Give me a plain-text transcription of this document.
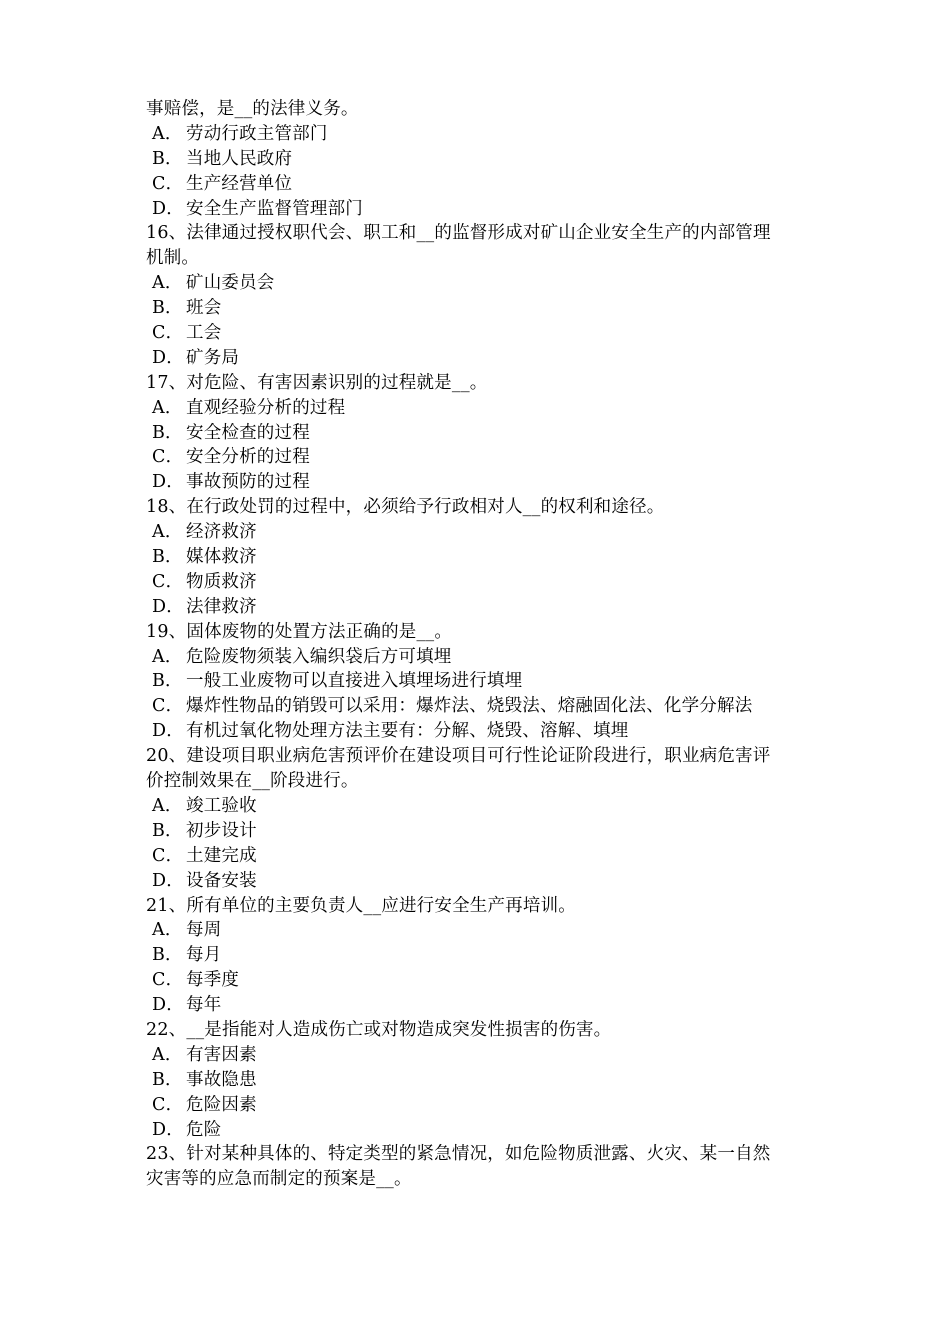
事赔偿，是__的法律义务。
A． 劳动行政主管部门
B． 当地人民政府
C． 生产经营单位
D． 安全生产监督管理部门
16、法律通过授权职代会、职工和__的监督形成对矿山企业安全生产的内部管理
机制。
A． 矿山委员会
B． 班会
C． 工会
D． 矿务局
17、对危险、有害因素识别的过程就是__。
A． 直观经验分析的过程
B． 安全检查的过程
C． 安全分析的过程
D． 事故预防的过程
18、在行政处罚的过程中，必须给予行政相对人__的权利和途径。
A． 经济救济
B． 媒体救济
C． 物质救济
D． 法律救济
19、固体废物的处置方法正确的是__。
A． 危险废物须装入编织袋后方可填埋
B． 一般工业废物可以直接进入填埋场进行填埋
C． 爆炸性物品的销毁可以采用：爆炸法、烧毁法、熔融固化法、化学分解法
D． 有机过氧化物处理方法主要有：分解、烧毁、溶解、填埋
20、建设项目职业病危害预评价在建设项目可行性论证阶段进行，职业病危害评
价控制效果在__阶段进行。
A． 竣工验收
B． 初步设计
C． 土建完成
D． 设备安装
21、所有单位的主要负责人__应进行安全生产再培训。
A． 每周
B． 每月
C． 每季度
D． 每年
22、__是指能对人造成伤亡或对物造成突发性损害的伤害。
A． 有害因素
B． 事故隐患
C． 危险因素
D． 危险
23、针对某种具体的、特定类型的紧急情况，如危险物质泄露、火灾、某一自然
灾害等的应急而制定的预案是__。
